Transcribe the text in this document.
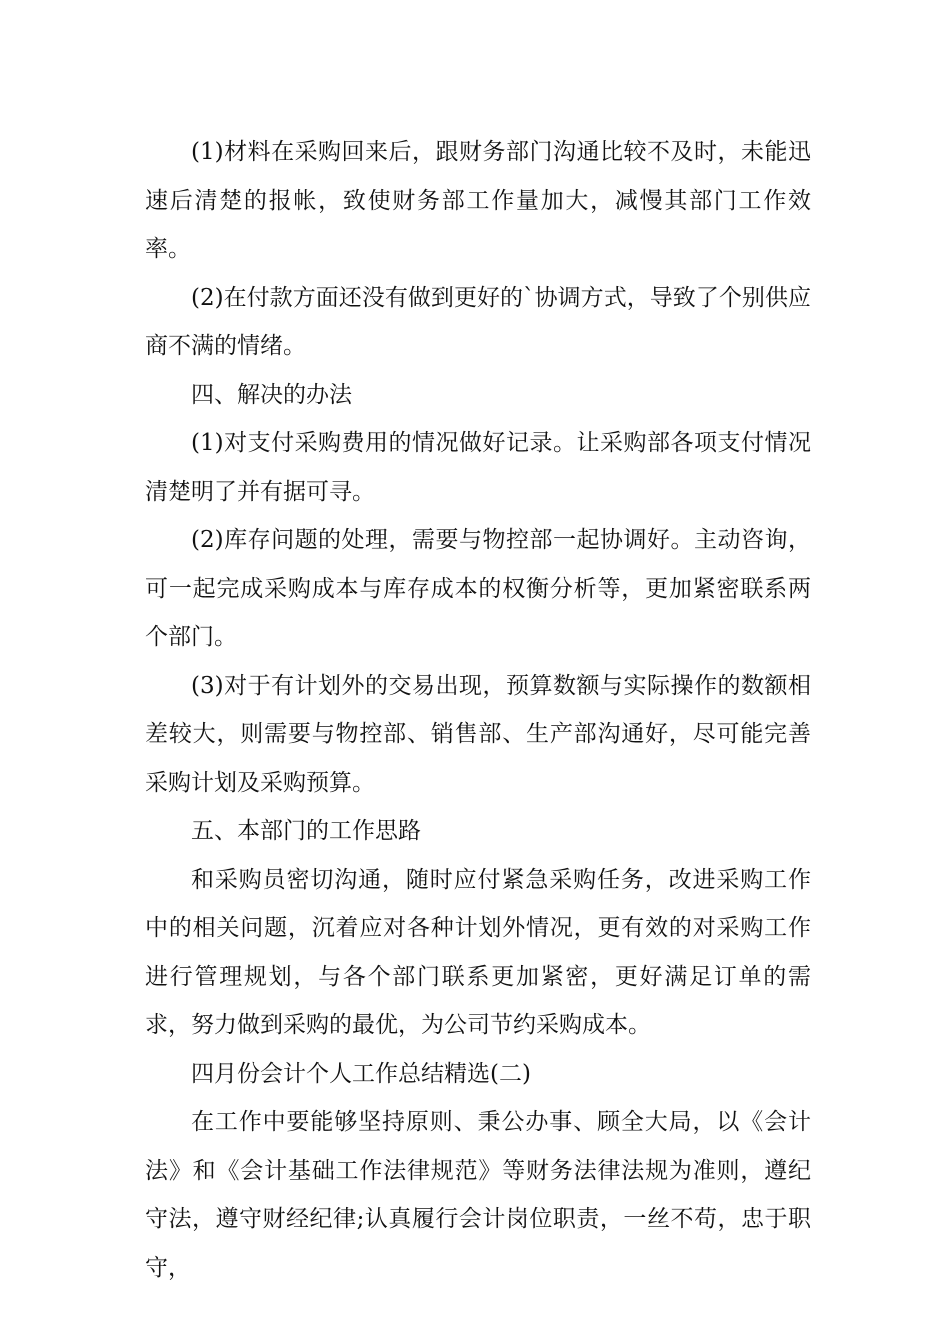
(1)材料在采购回来后，跟财务部门沟通比较不及时，未能迅速后清楚的报帐，致使财务部工作量加大，减慢其部门工作效率。

(2)在付款方面还没有做到更好的`协调方式，导致了个别供应商不满的情绪。

四、解决的办法

(1)对支付采购费用的情况做好记录。让采购部各项支付情况清楚明了并有据可寻。

(2)库存问题的处理，需要与物控部一起协调好。主动咨询，可一起完成采购成本与库存成本的权衡分析等，更加紧密联系两个部门。

(3)对于有计划外的交易出现，预算数额与实际操作的数额相差较大，则需要与物控部、销售部、生产部沟通好，尽可能完善采购计划及采购预算。

五、本部门的工作思路

和采购员密切沟通，随时应付紧急采购任务，改进采购工作中的相关问题，沉着应对各种计划外情况，更有效的对采购工作进行管理规划，与各个部门联系更加紧密，更好满足订单的需求，努力做到采购的最优，为公司节约采购成本。

四月份会计个人工作总结精选(二)

在工作中要能够坚持原则、秉公办事、顾全大局，以《会计法》和《会计基础工作法律规范》等财务法律法规为准则，遵纪守法，遵守财经纪律;认真履行会计岗位职责，一丝不苟，忠于职守，
